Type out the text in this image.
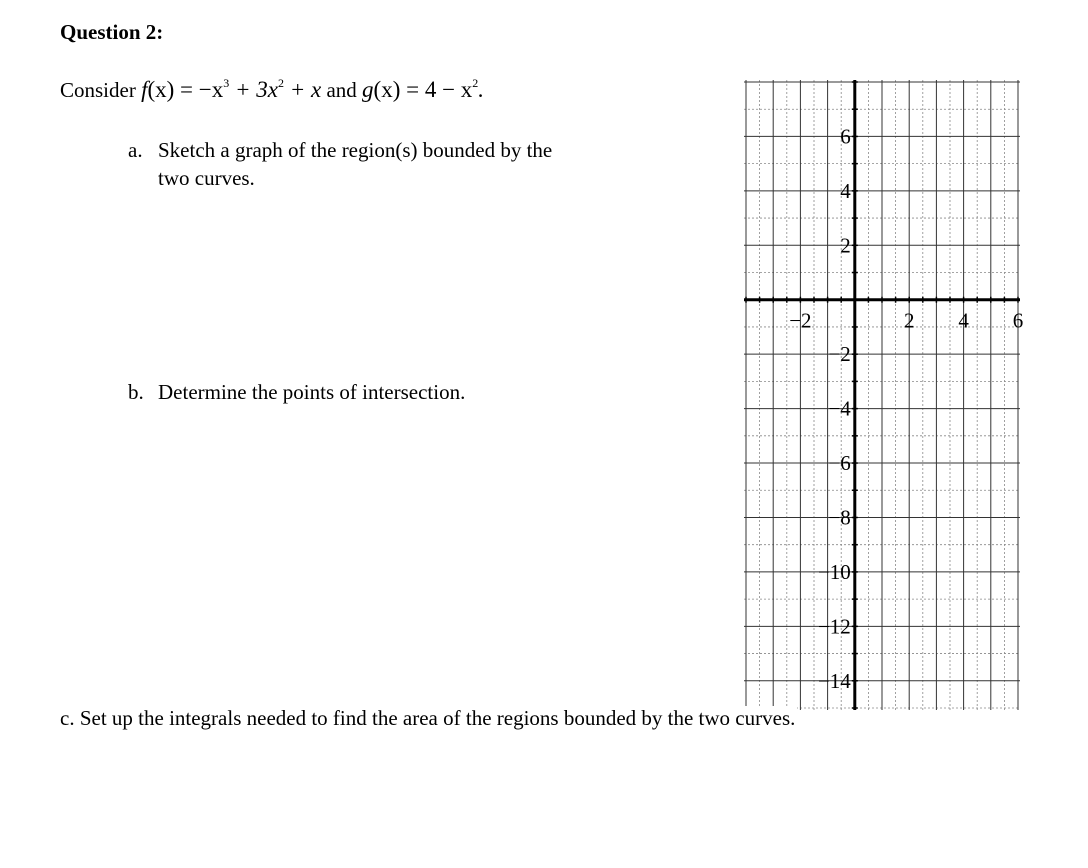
Question 2:
Consider $f(x) = -x^3 + 3x^2 + x$ and $g(x) = 4 - x^2$.
a. Sketch a graph of the region(s) bounded by the
two curves.
b. Determine the points of intersection.
−2	2 4 6
6
4
2
−2
−4
−6
−8
−10
−12
−14
c. Set up the integrals needed to find the area of the regions bounded by the two curves.
